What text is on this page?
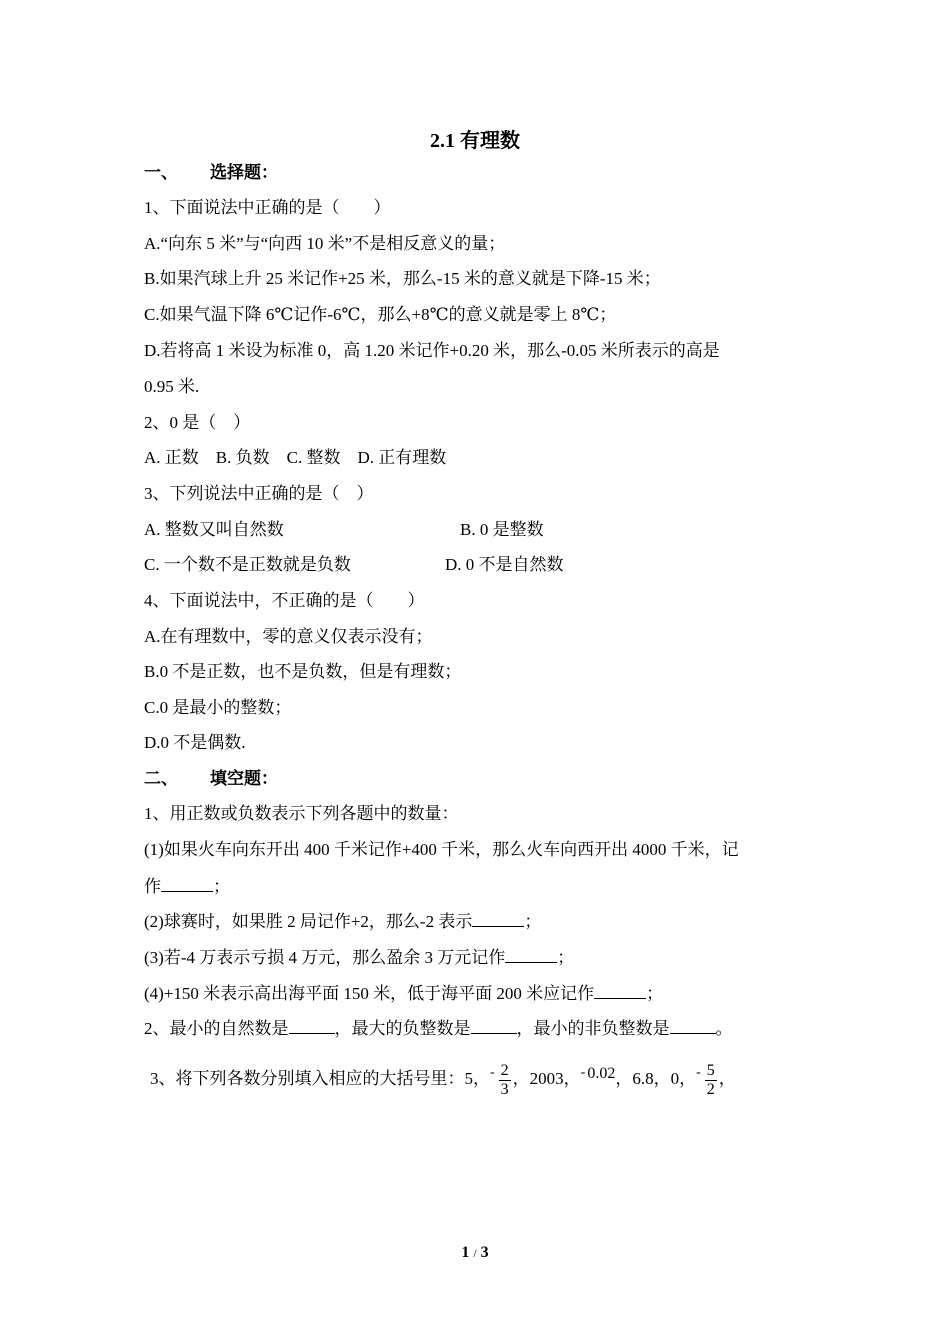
2.1 有理数
一、 选择题：
1、下面说法中正确的是（　　）
A.“向东 5 米”与“向西 10 米”不是相反意义的量；
B.如果汽球上升 25 米记作+25 米，那么-15 米的意义就是下降-15 米；
C.如果气温下降 6℃记作-6℃，那么+8℃的意义就是零上 8℃；
D.若将高 1 米设为标准 0，高 1.20 米记作+0.20 米，那么-0.05 米所表示的高是
0.95 米.
2、0 是（　）
A. 正数　B. 负数　C. 整数　D. 正有理数
3、下列说法中正确的是（　）
A. 整数又叫自然数	B. 0 是整数
C. 一个数不是正数就是负数	D. 0 不是自然数
4、下面说法中，不正确的是（　　）
A.在有理数中，零的意义仅表示没有；
B.0 不是正数，也不是负数，但是有理数；
C.0 是最小的整数；
D.0 不是偶数.
二、 填空题：
1、用正数或负数表示下列各题中的数量：
(1)如果火车向东开出 400 千米记作+400 千米，那么火车向西开出 4000 千米，记
作	；
(2)球赛时，如果胜 2 局记作+2，那么-2 表示	；
(3)若-4 万表示亏损 4 万元，那么盈余 3 万元记作	；
(4)+150 米表示高出海平面 150 米，低于海平面 200 米应记作	；
2、最小的自然数是	，最大的负整数是	，最小的非负整数是	。
3、将下列各数分别填入相应的大括号里：5，- $\frac{2}{3}$ ，2003，- 0.02，6.8，0，- $\frac{5}{2}$ ，
1 / 3
